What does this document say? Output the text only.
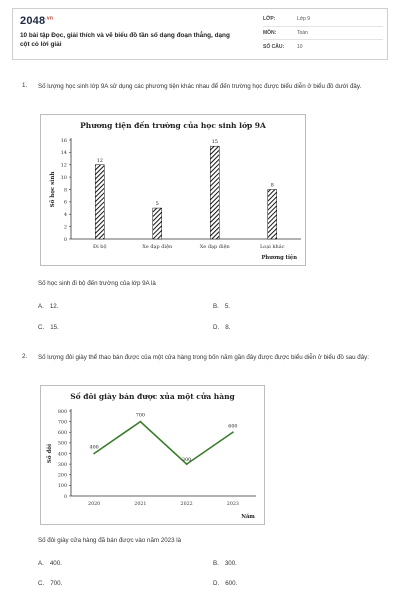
$2048^{.vn}$
10 bài tập Đọc, giải thích và vẽ biểu đồ tần số dạng đoạn thẳng, dạng cột cỏ lời giải
LỚP:	Lớp 9
MÔN:	Toán
SỐ CÂU:	10
1. Số lượng học sinh lớp 9A sử dụng các phương tiện khác nhau để đến trường học được biểu diễn ở biểu đồ dưới đây.
Phương tiện đến trường của học sinh lớp 9A
0
2
4
6
8
10
12
14
16
12
Đi bộ
5
Xe đạp điện
15
Xe đạp điện
8
Loại khác
Phương tiện
Số học sinh
Số học sinh đi bộ đến trường của lớp 9A là
A. 12.	B. 5.
C. 15.	D. 8.
2. Số lượng đôi giày thể thao bán được của một cửa hàng trong bốn năm gần đây được được biểu diễn ở biểu đồ sau đây:
Số đôi giày bán được xủa một cửa hàng
0
100
200
300
400
500
600
700
800
400
2020
700
2021
300
2022
600
2023
Năm
Số đôi
Số đôi giày cửa hàng đã bán được vào năm 2023 là
A. 400.	B. 300.
C. 700.	D. 600.
